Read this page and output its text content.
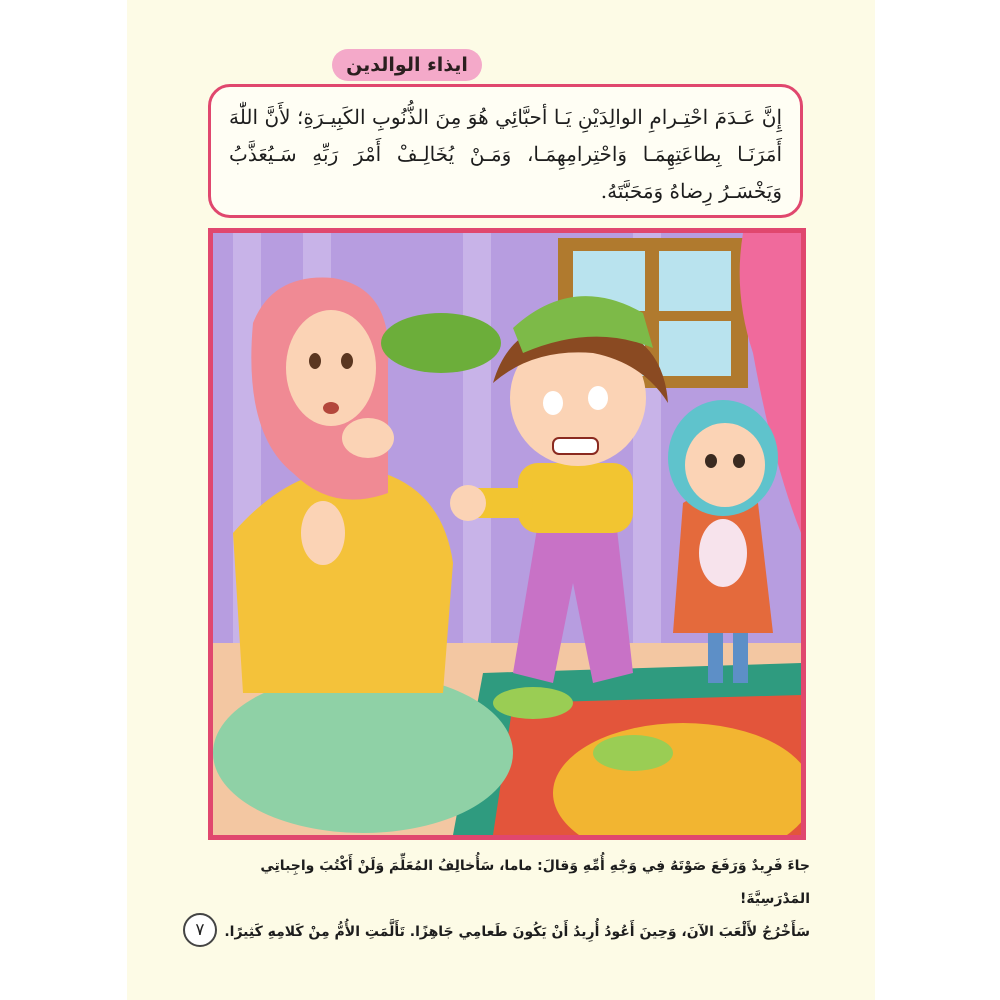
ايذاء الوالدين
إِنَّ عَـدَمَ احْتِـرامِ الوالِدَيْنِ يَـا أحبَّائِي هُوَ مِنَ الذُّنُوبِ الكَبِيـرَةِ؛ لأَنَّ اللّٰهَ أَمَرَنَـا بِطاعَتِهِمَـا وَاحْتِرامِهِمَـا، وَمَـنْ يُخَالِـفْ أَمْرَ رَبِّهِ سَـيُعَذَّبُ وَيَخْسَـرُ رِضاهُ وَمَحَبَّتَهُ.

جاءَ فَرِيدٌ وَرَفَعَ صَوْتَهُ فِي وَجْهِ أُمِّهِ وَقالَ: ماما، سَأُخالِفُ المُعَلِّمَ وَلَنْ أَكْتُبَ واجِباتِي المَدْرَسِيَّةَ!

سَأَخْرُجُ لأَلْعَبَ الآنَ، وَحِينَ أَعُودُ أُرِيدُ أَنْ يَكُونَ طَعامِي جَاهِزًا. تَأَلَّمَتِ الأُمُّ مِنْ كَلامِهِ كَثِيرًا.

٧
